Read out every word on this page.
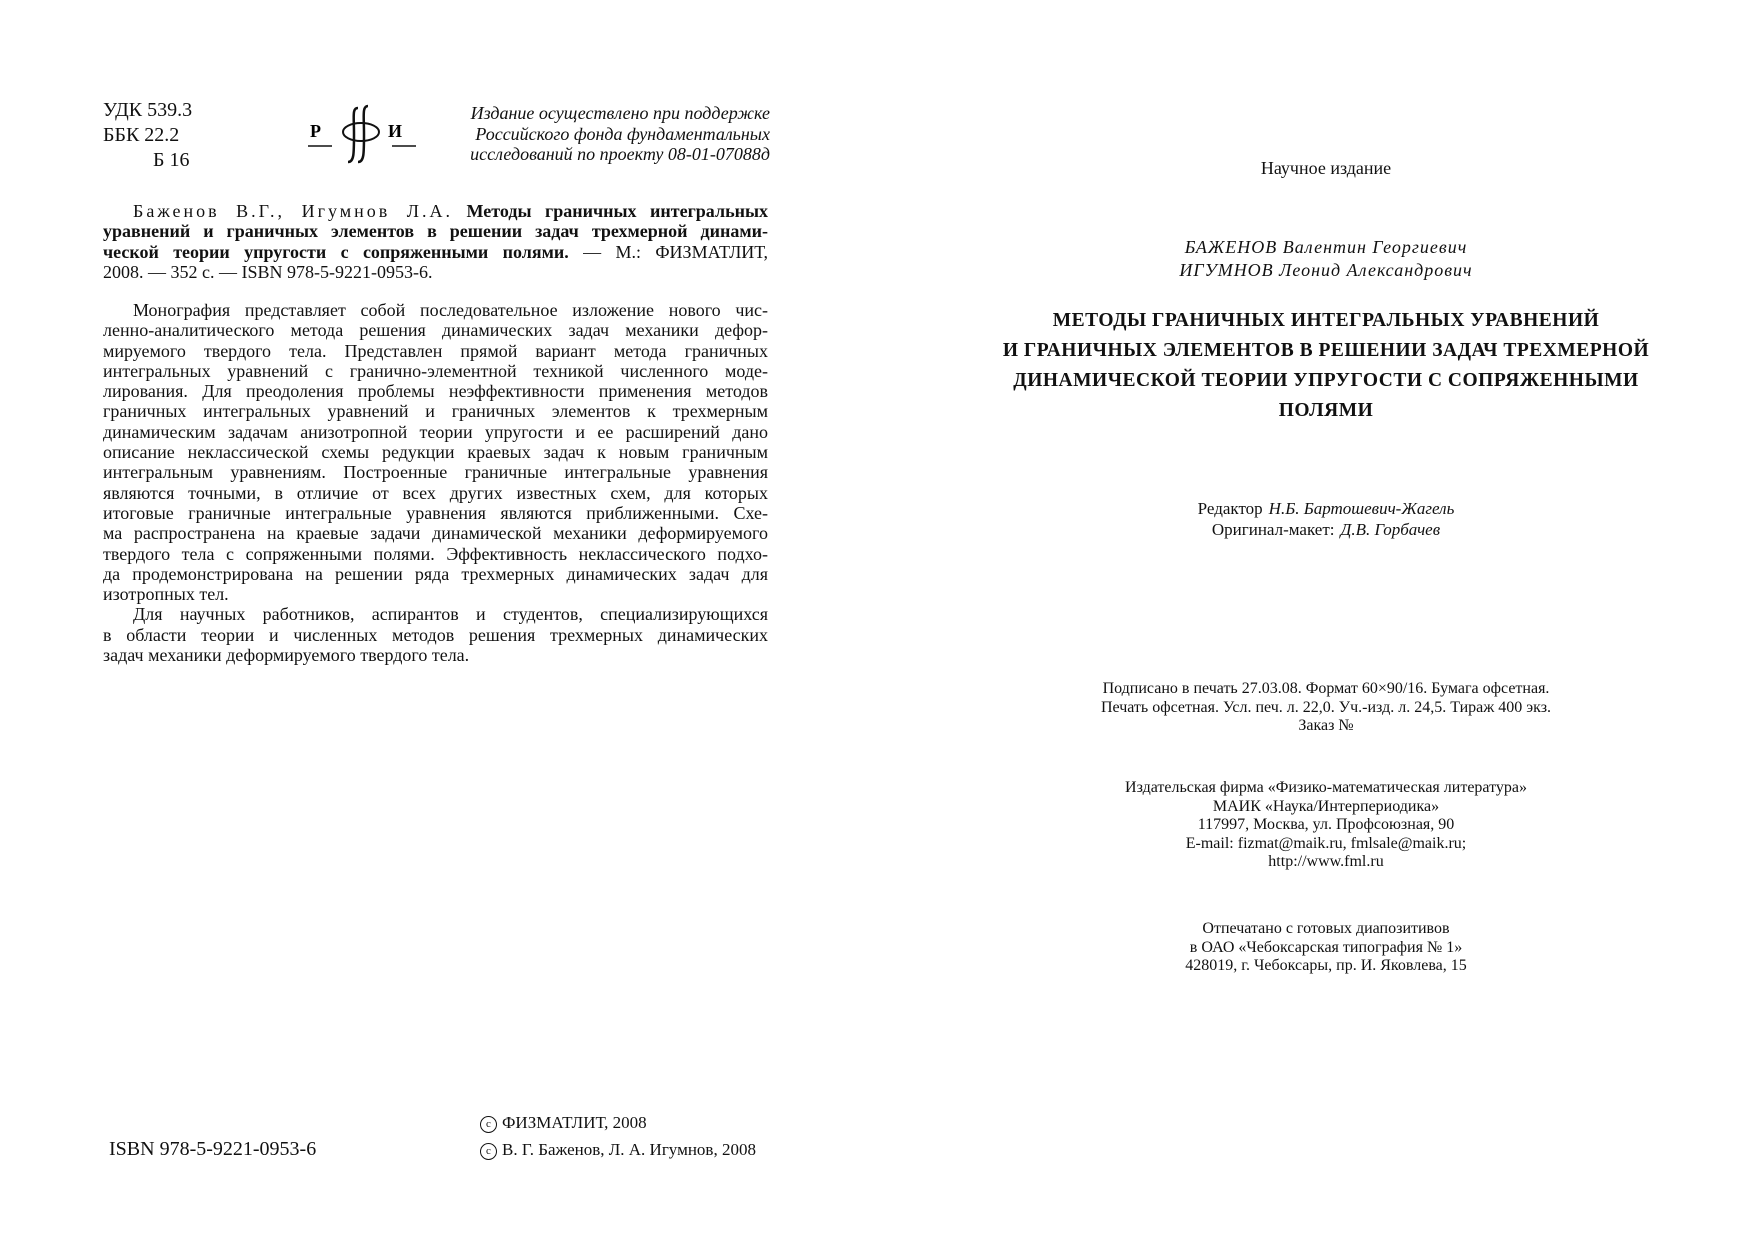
УДК 539.3
ББК 22.2
Б 16
Р	И
Издание осуществлено при поддержке
Российского фонда фундаментальных
исследований по проекту 08-01-07088д
Баженов В.Г., Игумнов Л.А. Методы граничных интегральных
уравнений и граничных элементов в решении задач трехмерной динами-
ческой теории упругости с сопряженными полями. — М.: ФИЗМАТЛИТ,
2008. — 352 с. — ISBN 978-5-9221-0953-6.
Монография представляет собой последовательное изложение нового чис-
ленно-аналитического метода решения динамических задач механики дефор-
мируемого твердого тела. Представлен прямой вариант метода граничных
интегральных уравнений с гранично-элементной техникой численного моде-
лирования. Для преодоления проблемы неэффективности применения методов
граничных интегральных уравнений и граничных элементов к трехмерным
динамическим задачам анизотропной теории упругости и ее расширений дано
описание неклассической схемы редукции краевых задач к новым граничным
интегральным уравнениям. Построенные граничные интегральные уравнения
являются точными, в отличие от всех других известных схем, для которых
итоговые граничные интегральные уравнения являются приближенными. Схе-
ма распространена на краевые задачи динамической механики деформируемого
твердого тела с сопряженными полями. Эффективность неклассического подхо-
да продемонстрирована на решении ряда трехмерных динамических задач для
изотропных тел.
Для научных работников, аспирантов и студентов, специализирующихся
в области теории и численных методов решения трехмерных динамических
задач механики деформируемого твердого тела.
ISBN 978-5-9221-0953-6
c ФИЗМАТЛИТ, 2008
c В. Г. Баженов, Л. А. Игумнов, 2008
Научное издание
БАЖЕНОВ Валентин Георгиевич
ИГУМНОВ Леонид Александрович
МЕТОДЫ ГРАНИЧНЫХ ИНТЕГРАЛЬНЫХ УРАВНЕНИЙ
И ГРАНИЧНЫХ ЭЛЕМЕНТОВ В РЕШЕНИИ ЗАДАЧ ТРЕХМЕРНОЙ
ДИНАМИЧЕСКОЙ ТЕОРИИ УПРУГОСТИ С СОПРЯЖЕННЫМИ
ПОЛЯМИ
Редактор Н.Б. Бартошевич-Жагель
Оригинал-макет: Д.В. Горбачев
Подписано в печать 27.03.08. Формат 60×90/16. Бумага офсетная.
Печать офсетная. Усл. печ. л. 22,0. Уч.-изд. л. 24,5. Тираж 400 экз.
Заказ №
Издательская фирма «Физико-математическая литература»
МАИК «Наука/Интерпериодика»
117997, Москва, ул. Профсоюзная, 90
E-mail: fizmat@maik.ru, fmlsale@maik.ru;
http://www.fml.ru
Отпечатано с готовых диапозитивов
в ОАО «Чебоксарская типография № 1»
428019, г. Чебоксары, пр. И. Яковлева, 15
